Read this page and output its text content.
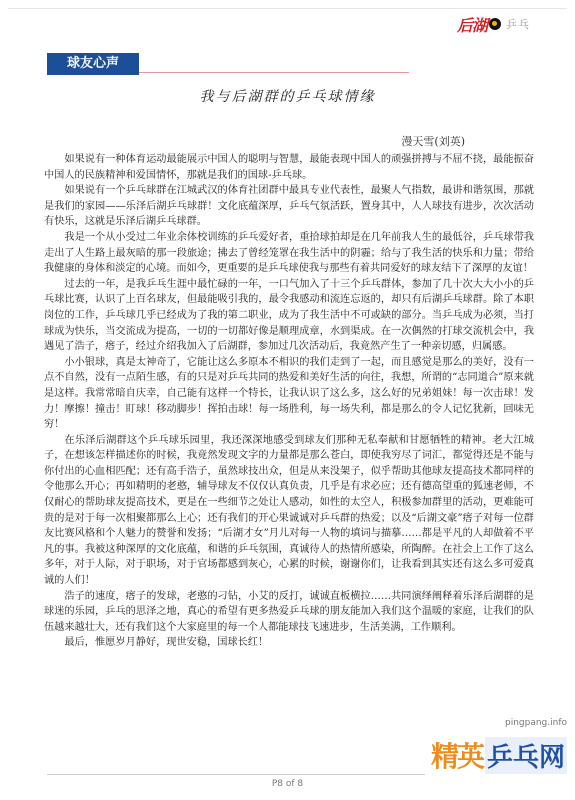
后湖 乒乓
球友心声
我与后湖群的乒乓球情缘
漫天雪(刘英)

如果说有一种体育运动最能展示中国人的聪明与智慧，最能表现中国人的顽强拼搏与不屈不挠，最能振奋中国人的民族精神和爱国情怀，那就是我们的国球-乒乓球。

如果说有一个乒乓球群在江城武汉的体育社团群中最具专业代表性，最聚人气指数，最讲和谐氛围，那就是我们的家园——乐泽后湖乒乓球群！文化底蕴深厚，乒乓气氛活跃，置身其中，人人球技有进步，次次活动有快乐，这就是乐泽后湖乒乓球群。

我是一个从小受过二年业余体校训练的乒乓爱好者，重拾球拍却是在几年前我人生的最低谷，乒乓球带我走出了人生路上最灰暗的那一段旅途；拂去了曾经笼罩在我生活中的阴霾；给与了我生活的快乐和力量；带给我健康的身体和淡定的心境。而如今，更重要的是乒乓球使我与那些有着共同爱好的球友结下了深厚的友谊！

过去的一年，是我乒乓生涯中最忙碌的一年，一口气加入了十三个乒乓群体，参加了几十次大大小小的乒乓球比赛，认识了上百名球友，但最能吸引我的，最令我感动和流连忘返的，却只有后湖乒乓球群。除了本职岗位的工作，乒乓球几乎已经成为了我的第二职业，成为了我生活中不可或缺的部分。当乒乓成为必须，当打球成为快乐，当交流成为提高，一切的一切都好像是顺理成章，水到渠成。在一次偶然的打球交流机会中，我遇见了浩子，瘩子，经过介绍我加入了后湖群，参加过几次活动后，我竟然产生了一种亲切感，归属感。

小小银球，真是太神奇了，它能让这么多原本不相识的我们走到了一起，而且感觉是那么的美好，没有一点不自然，没有一点陌生感，有的只是对乒乓共同的热爱和美好生活的向往，我想，所谓的“志同道合”原来就是这样。我常常暗自庆幸，自己能有这样一个特长，让我认识了这么多，这么好的兄弟姐妹！每一次击球！发力！摩擦！撞击！盯球！移动脚步！挥拍击球！每一场胜利，每一场失利，都是那么的令人记忆犹新，回味无穷！

在乐泽后湖群这个乒乓球乐园里，我还深深地感受到球友们那种无私奉献和甘愿牺牲的精神。老大江城子，在想该怎样描述你的时候，我竟然发现文字的力量都是那么苍白，即使我穷尽了词汇，都觉得还是不能与你付出的心血相匹配；还有高手浩子，虽然球技出众，但是从来没架子，似乎帮助其他球友提高技术都同样的令他那么开心；再如精明的老憨，辅导球友不仅仅认真负责，几乎是有求必应；还有德高望重的狐速老师，不仅耐心的帮助球友提高技术，更是在一些细节之处让人感动，如性的太空人，积极参加群里的活动，更难能可贵的是对于每一次相聚都那么上心；还有我们的开心果诚诚对乒乓群的热爱；以及“后湖文豪”瘩子对每一位群友比赛风格和个人魅力的赞誉和发扬；“后湖才女”月儿对每一人物的填词与描摹……都是平凡的人却做着不平凡的事。我被这种深厚的文化底蕴，和谐的乒乓氛围，真诚待人的热情所感染，所陶醉。在社会上工作了这么多年，对于人际，对于职场，对于官场都感到灰心，心累的时候，谢谢你们，让我看到其实还有这么多可爱真诚的人们！

浩子的速度，瘩子的发球，老憨的刁钻，小艾的反打，诚诚直板横拉……共同演绎阐释着乐泽后湖群的是球迷的乐园，乒乓的思泽之地，真心的希望有更多热爱乒乓球的朋友能加入我们这个温暖的家庭，让我们的队伍越来越壮大，还有我们这个大家庭里的每一个人都能球技飞速进步，生活美满，工作顺利。

最后，惟愿岁月静好，现世安稳，国球长红！

pingpang.info
精英 乒乓网
P8 of 8
